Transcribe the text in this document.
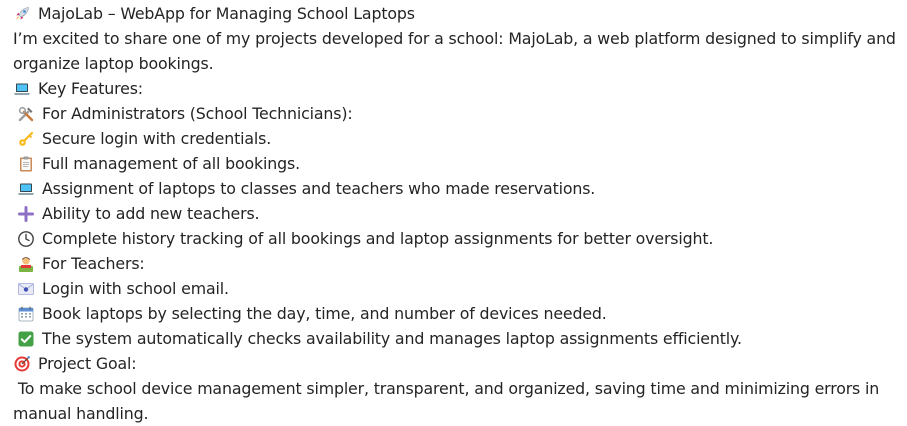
MajoLab – WebApp for Managing School Laptops
I’m excited to share one of my projects developed for a school: MajoLab, a web platform designed to simplify and organize laptop bookings.
Key Features:
For Administrators (School Technicians):
Secure login with credentials.
Full management of all bookings.
Assignment of laptops to classes and teachers who made reservations.
Ability to add new teachers.
Complete history tracking of all bookings and laptop assignments for better oversight.
For Teachers:
Login with school email.
Book laptops by selecting the day, time, and number of devices needed.
The system automatically checks availability and manages laptop assignments efficiently.
Project Goal:
To make school device management simpler, transparent, and organized, saving time and minimizing errors in manual handling.
